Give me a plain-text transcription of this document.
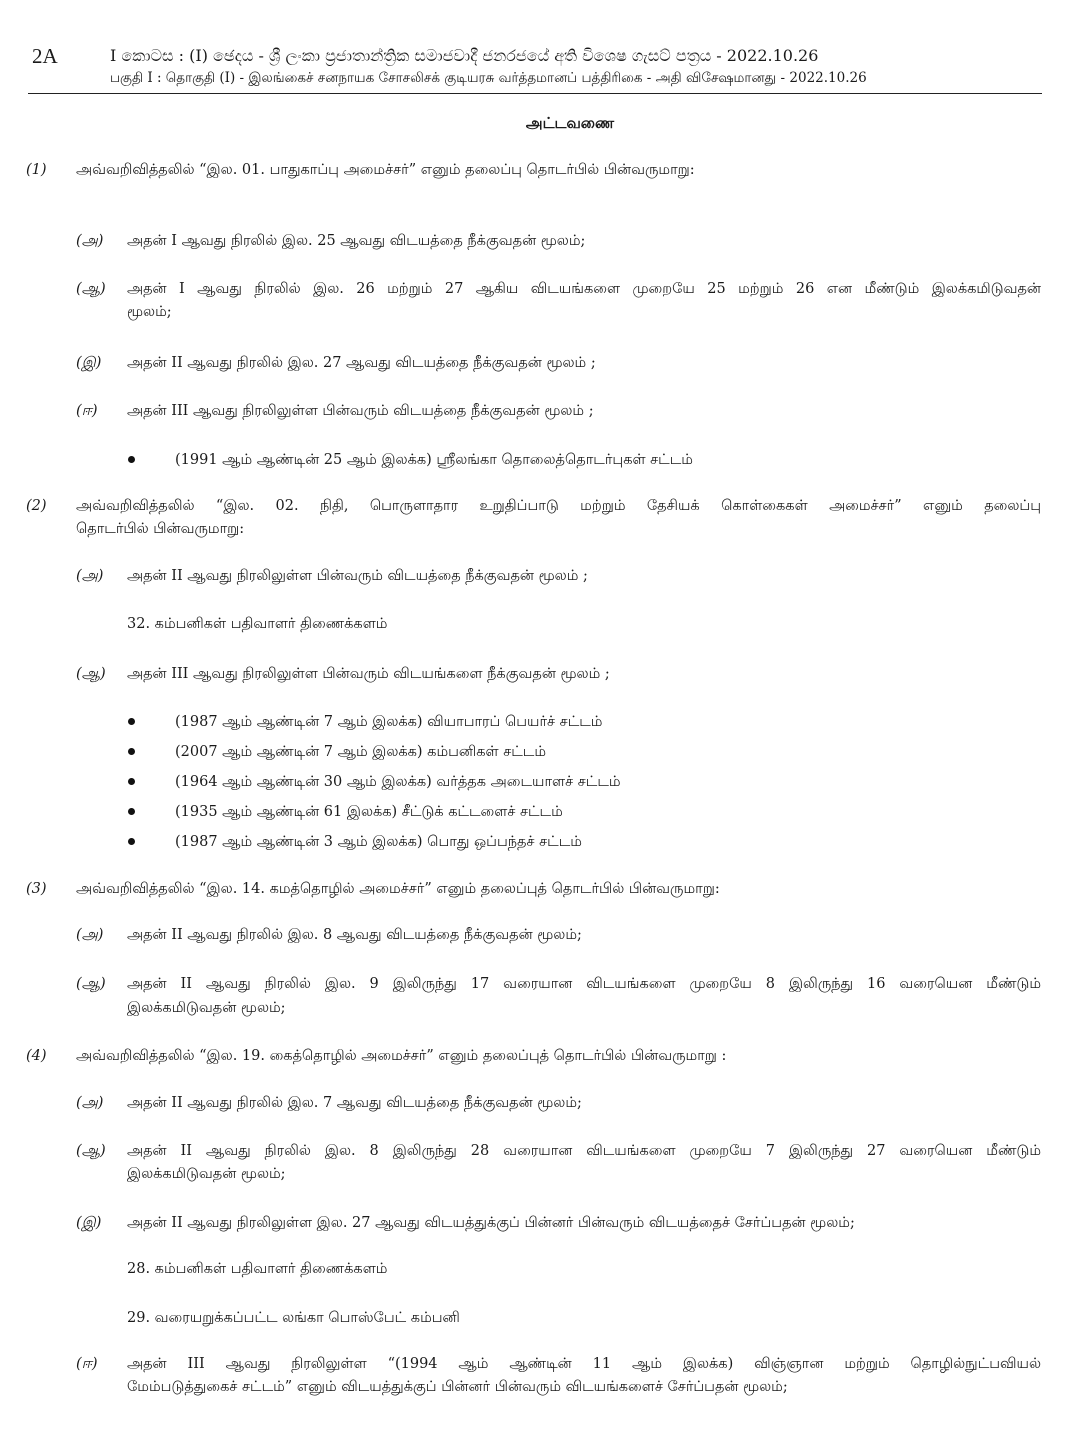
2A	I කොටස : (I) ඡෙදය - ශ්‍රී ලංකා ප්‍රජාතාන්ත්‍රික සමාජවාදී ජනරජයේ අති විශෙෂ ගැසට් පත්‍රය - 2022.10.26
பகுதி I : தொகுதி (I) - இலங்கைச் சனநாயக சோசலிசக் குடியரசு வர்த்தமானப் பத்திரிகை - அதி விசேஷமானது - 2022.10.26
அட்டவணை
(1) அவ்வறிவித்தலில் “இல. 01. பாதுகாப்பு அமைச்சர்” எனும் தலைப்பு தொடர்பில் பின்வருமாறு:
(அ) அதன் I ஆவது நிரலில் இல. 25 ஆவது விடயத்தை நீக்குவதன் மூலம்;
(ஆ) அதன் I ஆவது நிரலில் இல. 26 மற்றும் 27 ஆகிய விடயங்களை முறையே 25 மற்றும் 26 என மீண்டும் இலக்கமிடுவதன்
மூலம்;
(இ) அதன் II ஆவது நிரலில் இல. 27 ஆவது விடயத்தை நீக்குவதன் மூலம் ;
(ஈ) அதன் III ஆவது நிரலிலுள்ள பின்வரும் விடயத்தை நீக்குவதன் மூலம் ;
(1991 ஆம் ஆண்டின் 25 ஆம் இலக்க) ஸ்ரீலங்கா தொலைத்தொடர்புகள் சட்டம்
(2) அவ்வறிவித்தலில் “இல. 02. நிதி, பொருளாதார உறுதிப்பாடு மற்றும் தேசியக் கொள்கைகள் அமைச்சர்” எனும் தலைப்பு
தொடர்பில் பின்வருமாறு:
(அ) அதன் II ஆவது நிரலிலுள்ள பின்வரும் விடயத்தை நீக்குவதன் மூலம் ;
32. கம்பனிகள் பதிவாளர் திணைக்களம்
(ஆ) அதன் III ஆவது நிரலிலுள்ள பின்வரும் விடயங்களை நீக்குவதன் மூலம் ;
(1987 ஆம் ஆண்டின் 7 ஆம் இலக்க) வியாபாரப் பெயர்ச் சட்டம்
(2007 ஆம் ஆண்டின் 7 ஆம் இலக்க) கம்பனிகள் சட்டம்
(1964 ஆம் ஆண்டின் 30 ஆம் இலக்க) வர்த்தக அடையாளச் சட்டம்
(1935 ஆம் ஆண்டின் 61 இலக்க) சீட்டுக் கட்டளைச் சட்டம்
(1987 ஆம் ஆண்டின் 3 ஆம் இலக்க) பொது ஒப்பந்தச் சட்டம்
(3) அவ்வறிவித்தலில் “இல. 14. கமத்தொழில் அமைச்சர்” எனும் தலைப்புத் தொடர்பில் பின்வருமாறு:
(அ) அதன் II ஆவது நிரலில் இல. 8 ஆவது விடயத்தை நீக்குவதன் மூலம்;
(ஆ) அதன் II ஆவது நிரலில் இல. 9 இலிருந்து 17 வரையான விடயங்களை முறையே 8 இலிருந்து 16 வரையென மீண்டும்
இலக்கமிடுவதன் மூலம்;
(4) அவ்வறிவித்தலில் “இல. 19. கைத்தொழில் அமைச்சர்” எனும் தலைப்புத் தொடர்பில் பின்வருமாறு :
(அ) அதன் II ஆவது நிரலில் இல. 7 ஆவது விடயத்தை நீக்குவதன் மூலம்;
(ஆ) அதன் II ஆவது நிரலில் இல. 8 இலிருந்து 28 வரையான விடயங்களை முறையே 7 இலிருந்து 27 வரையென மீண்டும்
இலக்கமிடுவதன் மூலம்;
(இ) அதன் II ஆவது நிரலிலுள்ள இல. 27 ஆவது விடயத்துக்குப் பின்னர் பின்வரும் விடயத்தைச் சேர்ப்பதன் மூலம்;
28. கம்பனிகள் பதிவாளர் திணைக்களம்
29. வரையறுக்கப்பட்ட லங்கா பொஸ்பேட் கம்பனி
(ஈ) அதன் III ஆவது நிரலிலுள்ள “(1994 ஆம் ஆண்டின் 11 ஆம் இலக்க) விஞ்ஞான மற்றும் தொழில்நுட்பவியல்
மேம்படுத்துகைச் சட்டம்” எனும் விடயத்துக்குப் பின்னர் பின்வரும் விடயங்களைச் சேர்ப்பதன் மூலம்;
